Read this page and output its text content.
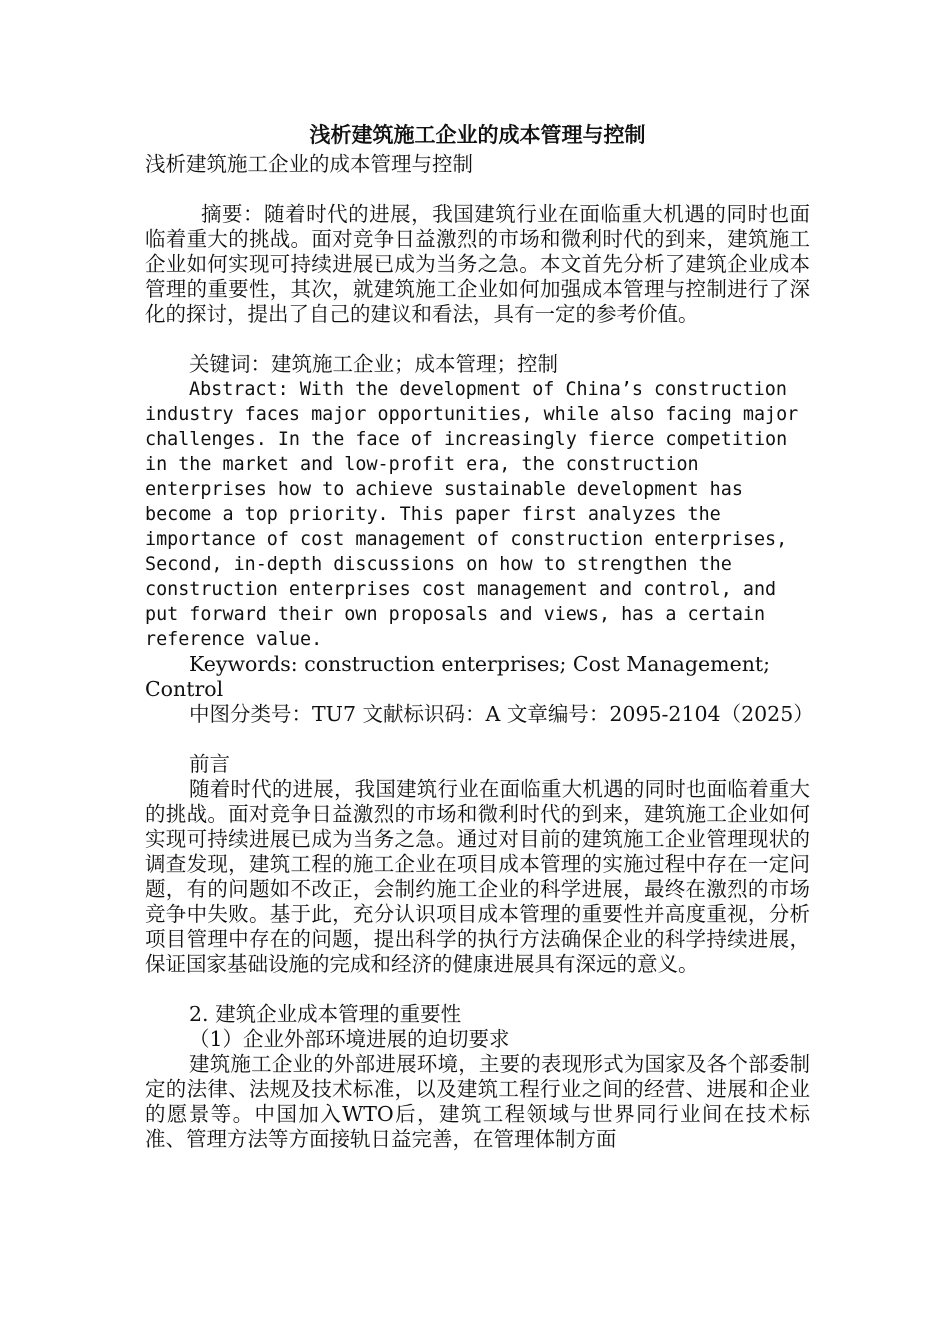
浅析建筑施工企业的成本管理与控制

浅析建筑施工企业的成本管理与控制

摘要：随着时代的进展，我国建筑行业在面临重大机遇的同时也面临着重大的挑战。面对竞争日益激烈的市场和微利时代的到来，建筑施工企业如何实现可持续进展已成为当务之急。本文首先分析了建筑企业成本管理的重要性，其次，就建筑施工企业如何加强成本管理与控制进行了深化的探讨，提出了自己的建议和看法，具有一定的参考价值。

关键词：建筑施工企业；成本管理；控制

Abstract: With the development of China’s construction industry faces major opportunities, while also facing major challenges. In the face of increasingly fierce competition in the market and low-profit era, the construction enterprises how to achieve sustainable development has become a top priority. This paper first analyzes the importance of cost management of construction enterprises, Second, in-depth discussions on how to strengthen the construction enterprises cost management and control, and put forward their own proposals and views, has a certain reference value.

Keywords: construction enterprises; Cost Management; Control

中图分类号：TU7 文献标识码：A 文章编号：2095-2104（2025）

前言

随着时代的进展，我国建筑行业在面临重大机遇的同时也面临着重大的挑战。面对竞争日益激烈的市场和微利时代的到来，建筑施工企业如何实现可持续进展已成为当务之急。通过对目前的建筑施工企业管理现状的调查发现，建筑工程的施工企业在项目成本管理的实施过程中存在一定问题，有的问题如不改正，会制约施工企业的科学进展，最终在激烈的市场竞争中失败。基于此，充分认识项目成本管理的重要性并高度重视，分析项目管理中存在的问题，提出科学的执行方法确保企业的科学持续进展，保证国家基础设施的完成和经济的健康进展具有深远的意义。

2. 建筑企业成本管理的重要性

（1）企业外部环境进展的迫切要求

建筑施工企业的外部进展环境，主要的表现形式为国家及各个部委制定的法律、法规及技术标准，以及建筑工程行业之间的经营、进展和企业的愿景等。中国加入WTO后，建筑工程领域与世界同行业间在技术标准、管理方法等方面接轨日益完善，在管理体制方面
